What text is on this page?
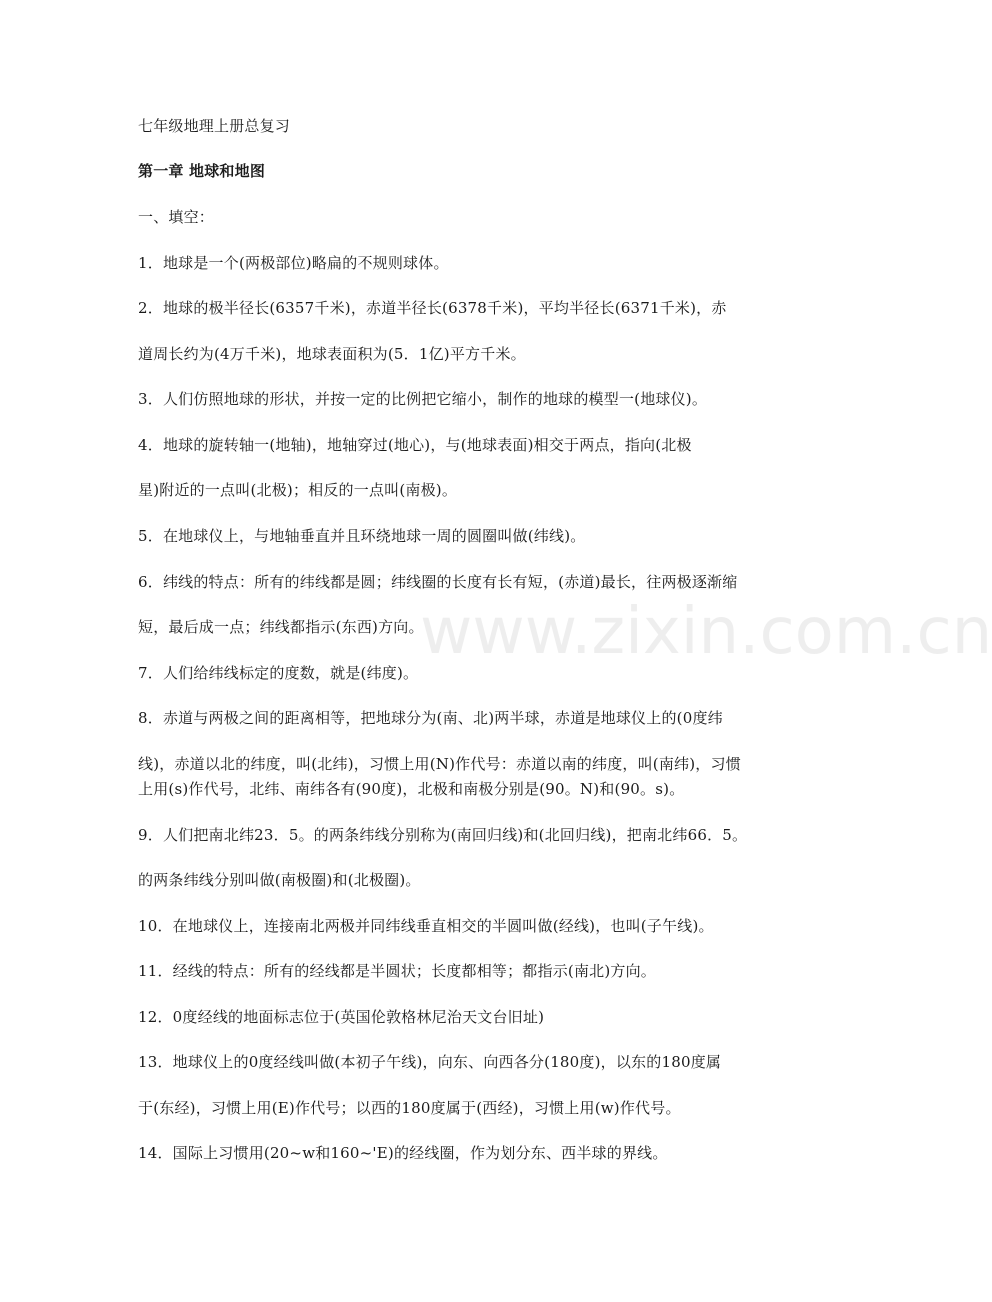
www.zixin.com.cn
七年级地理上册总复习
第一章 地球和地图
一、填空：
1．地球是一个(两极部位)略扁的不规则球体。
2．地球的极半径长(6357千米)，赤道半径长(6378千米)，平均半径长(6371千米)，赤
道周长约为(4万千米)，地球表面积为(5．1亿)平方千米。
3．人们仿照地球的形状，并按一定的比例把它缩小，制作的地球的模型一(地球仪)。
4．地球的旋转轴一(地轴)，地轴穿过(地心)，与(地球表面)相交于两点，指向(北极
星)附近的一点叫(北极)；相反的一点叫(南极)。
5．在地球仪上，与地轴垂直并且环绕地球一周的圆圈叫做(纬线)。
6．纬线的特点：所有的纬线都是圆；纬线圈的长度有长有短，(赤道)最长，往两极逐渐缩
短，最后成一点；纬线都指示(东西)方向。
7．人们给纬线标定的度数，就是(纬度)。
8．赤道与两极之间的距离相等，把地球分为(南、北)两半球，赤道是地球仪上的(0度纬
线)，赤道以北的纬度，叫(北纬)，习惯上用(N)作代号：赤道以南的纬度，叫(南纬)，习惯
上用(s)作代号，北纬、南纬各有(90度)，北极和南极分别是(90。N)和(90。s)。
9．人们把南北纬23．5。的两条纬线分别称为(南回归线)和(北回归线)，把南北纬66．5。
的两条纬线分别叫做(南极圈)和(北极圈)。
10．在地球仪上，连接南北两极并同纬线垂直相交的半圆叫做(经线)，也叫(子午线)。
11．经线的特点：所有的经线都是半圆状；长度都相等；都指示(南北)方向。
12．0度经线的地面标志位于(英国伦敦格林尼治天文台旧址)
13．地球仪上的0度经线叫做(本初子午线)，向东、向西各分(180度)，以东的180度属
于(东经)，习惯上用(E)作代号；以西的180度属于(西经)，习惯上用(w)作代号。
14．国际上习惯用(20~w和160~'E)的经线圈，作为划分东、西半球的界线。
